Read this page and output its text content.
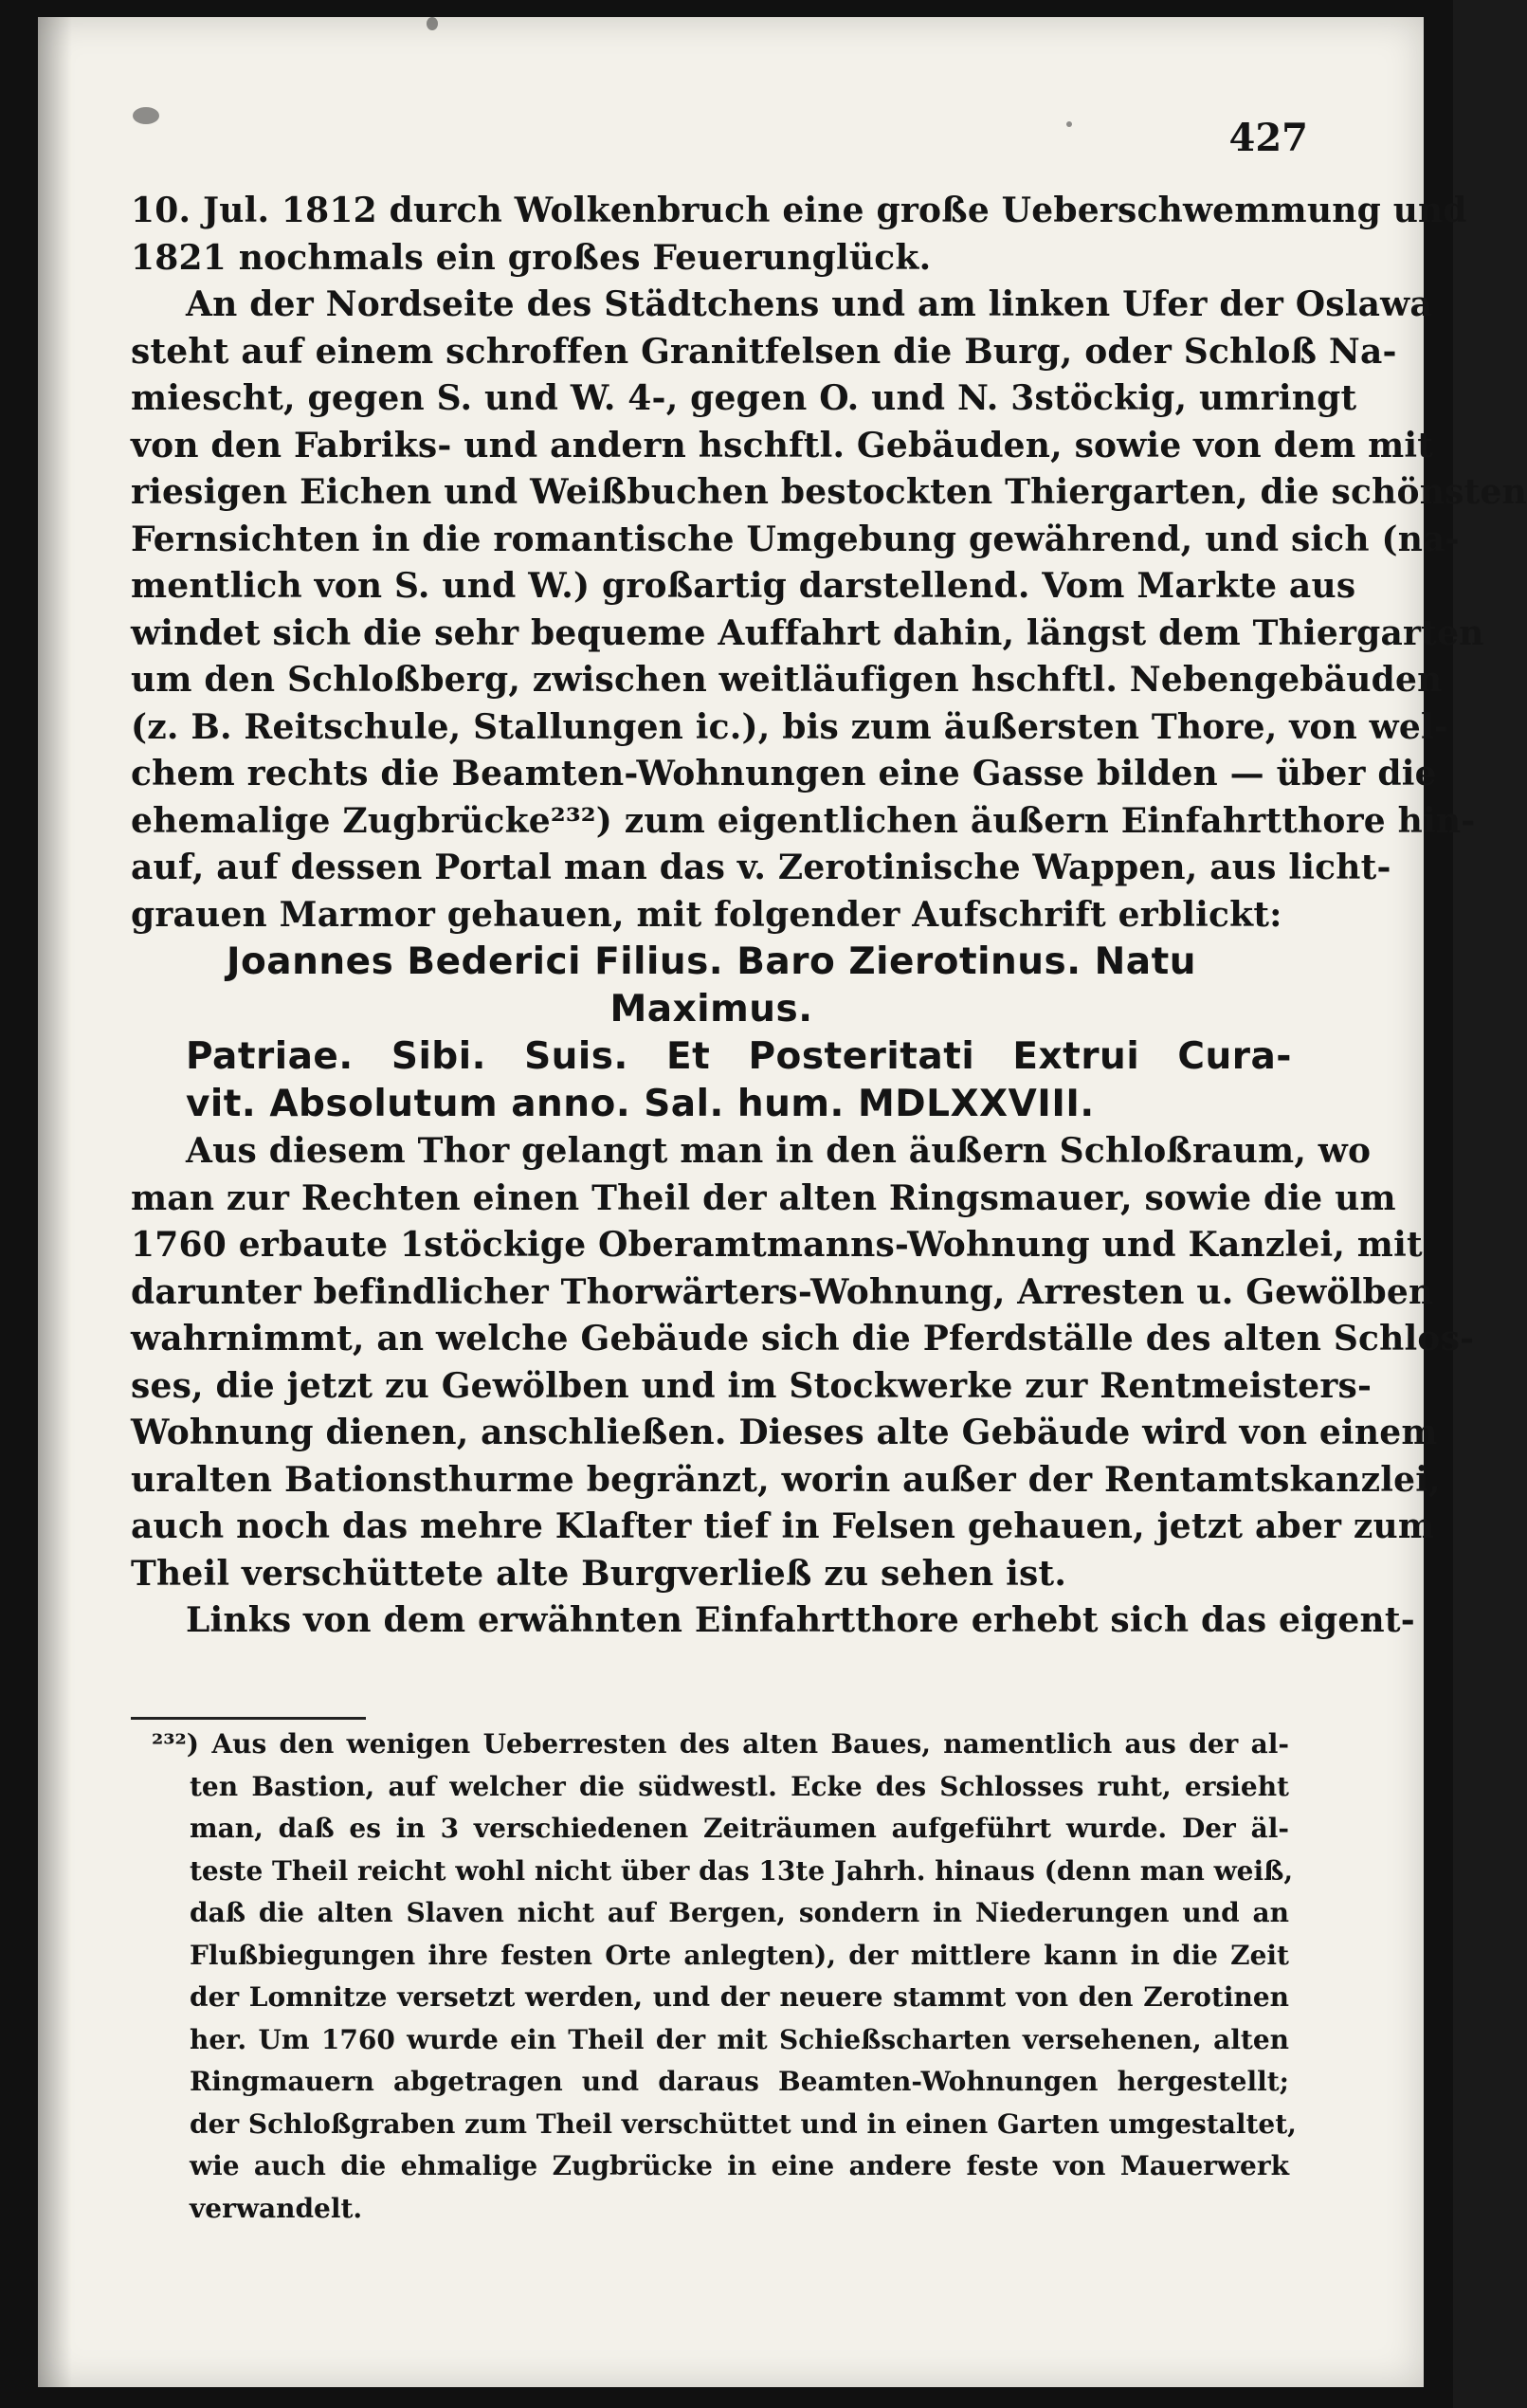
427
10. Jul. 1812 durch Wolkenbruch eine große Ueberschwemmung und
1821 nochmals ein großes Feuerunglück.
An der Nordseite des Städtchens und am linken Ufer der Oslawa
steht auf einem schroffen Granitfelsen die Burg, oder Schloß Na-
miescht, gegen S. und W. 4-, gegen O. und N. 3stöckig, umringt
von den Fabriks- und andern hschftl. Gebäuden, sowie von dem mit
riesigen Eichen und Weißbuchen bestockten Thiergarten, die schönsten
Fernsichten in die romantische Umgebung gewährend, und sich (na-
mentlich von S. und W.) großartig darstellend. Vom Markte aus
windet sich die sehr bequeme Auffahrt dahin, längst dem Thiergarten
um den Schloßberg, zwischen weitläufigen hschftl. Nebengebäuden
(z. B. Reitschule, Stallungen ic.), bis zum äußersten Thore, von wel-
chem rechts die Beamten-Wohnungen eine Gasse bilden — über die
ehemalige Zugbrücke²³²) zum eigentlichen äußern Einfahrtthore hin-
auf, auf dessen Portal man das v. Zerotinische Wappen, aus licht-
grauen Marmor gehauen, mit folgender Aufschrift erblickt:
Joannes Bederici Filius. Baro Zierotinus. Natu
Maximus.
Patriae. Sibi. Suis. Et Posteritati Extrui Cura-
vit. Absolutum anno. Sal. hum. MDLXXVIII.
Aus diesem Thor gelangt man in den äußern Schloßraum, wo
man zur Rechten einen Theil der alten Ringsmauer, sowie die um
1760 erbaute 1stöckige Oberamtmanns-Wohnung und Kanzlei, mit
darunter befindlicher Thorwärters-Wohnung, Arresten u. Gewölben
wahrnimmt, an welche Gebäude sich die Pferdställe des alten Schlos-
ses, die jetzt zu Gewölben und im Stockwerke zur Rentmeisters-
Wohnung dienen, anschließen. Dieses alte Gebäude wird von einem
uralten Bationsthurme begränzt, worin außer der Rentamtskanzlei,
auch noch das mehre Klafter tief in Felsen gehauen, jetzt aber zum
Theil verschüttete alte Burgverließ zu sehen ist.
Links von dem erwähnten Einfahrtthore erhebt sich das eigent-
²³²) Aus den wenigen Ueberresten des alten Baues, namentlich aus der al-
ten Bastion, auf welcher die südwestl. Ecke des Schlosses ruht, ersieht
man, daß es in 3 verschiedenen Zeiträumen aufgeführt wurde. Der äl-
teste Theil reicht wohl nicht über das 13te Jahrh. hinaus (denn man weiß,
daß die alten Slaven nicht auf Bergen, sondern in Niederungen und an
Flußbiegungen ihre festen Orte anlegten), der mittlere kann in die Zeit
der Lomnitze versetzt werden, und der neuere stammt von den Zerotinen
her. Um 1760 wurde ein Theil der mit Schießscharten versehenen, alten
Ringmauern abgetragen und daraus Beamten-Wohnungen hergestellt;
der Schloßgraben zum Theil verschüttet und in einen Garten umgestaltet,
wie auch die ehmalige Zugbrücke in eine andere feste von Mauerwerk
verwandelt.
